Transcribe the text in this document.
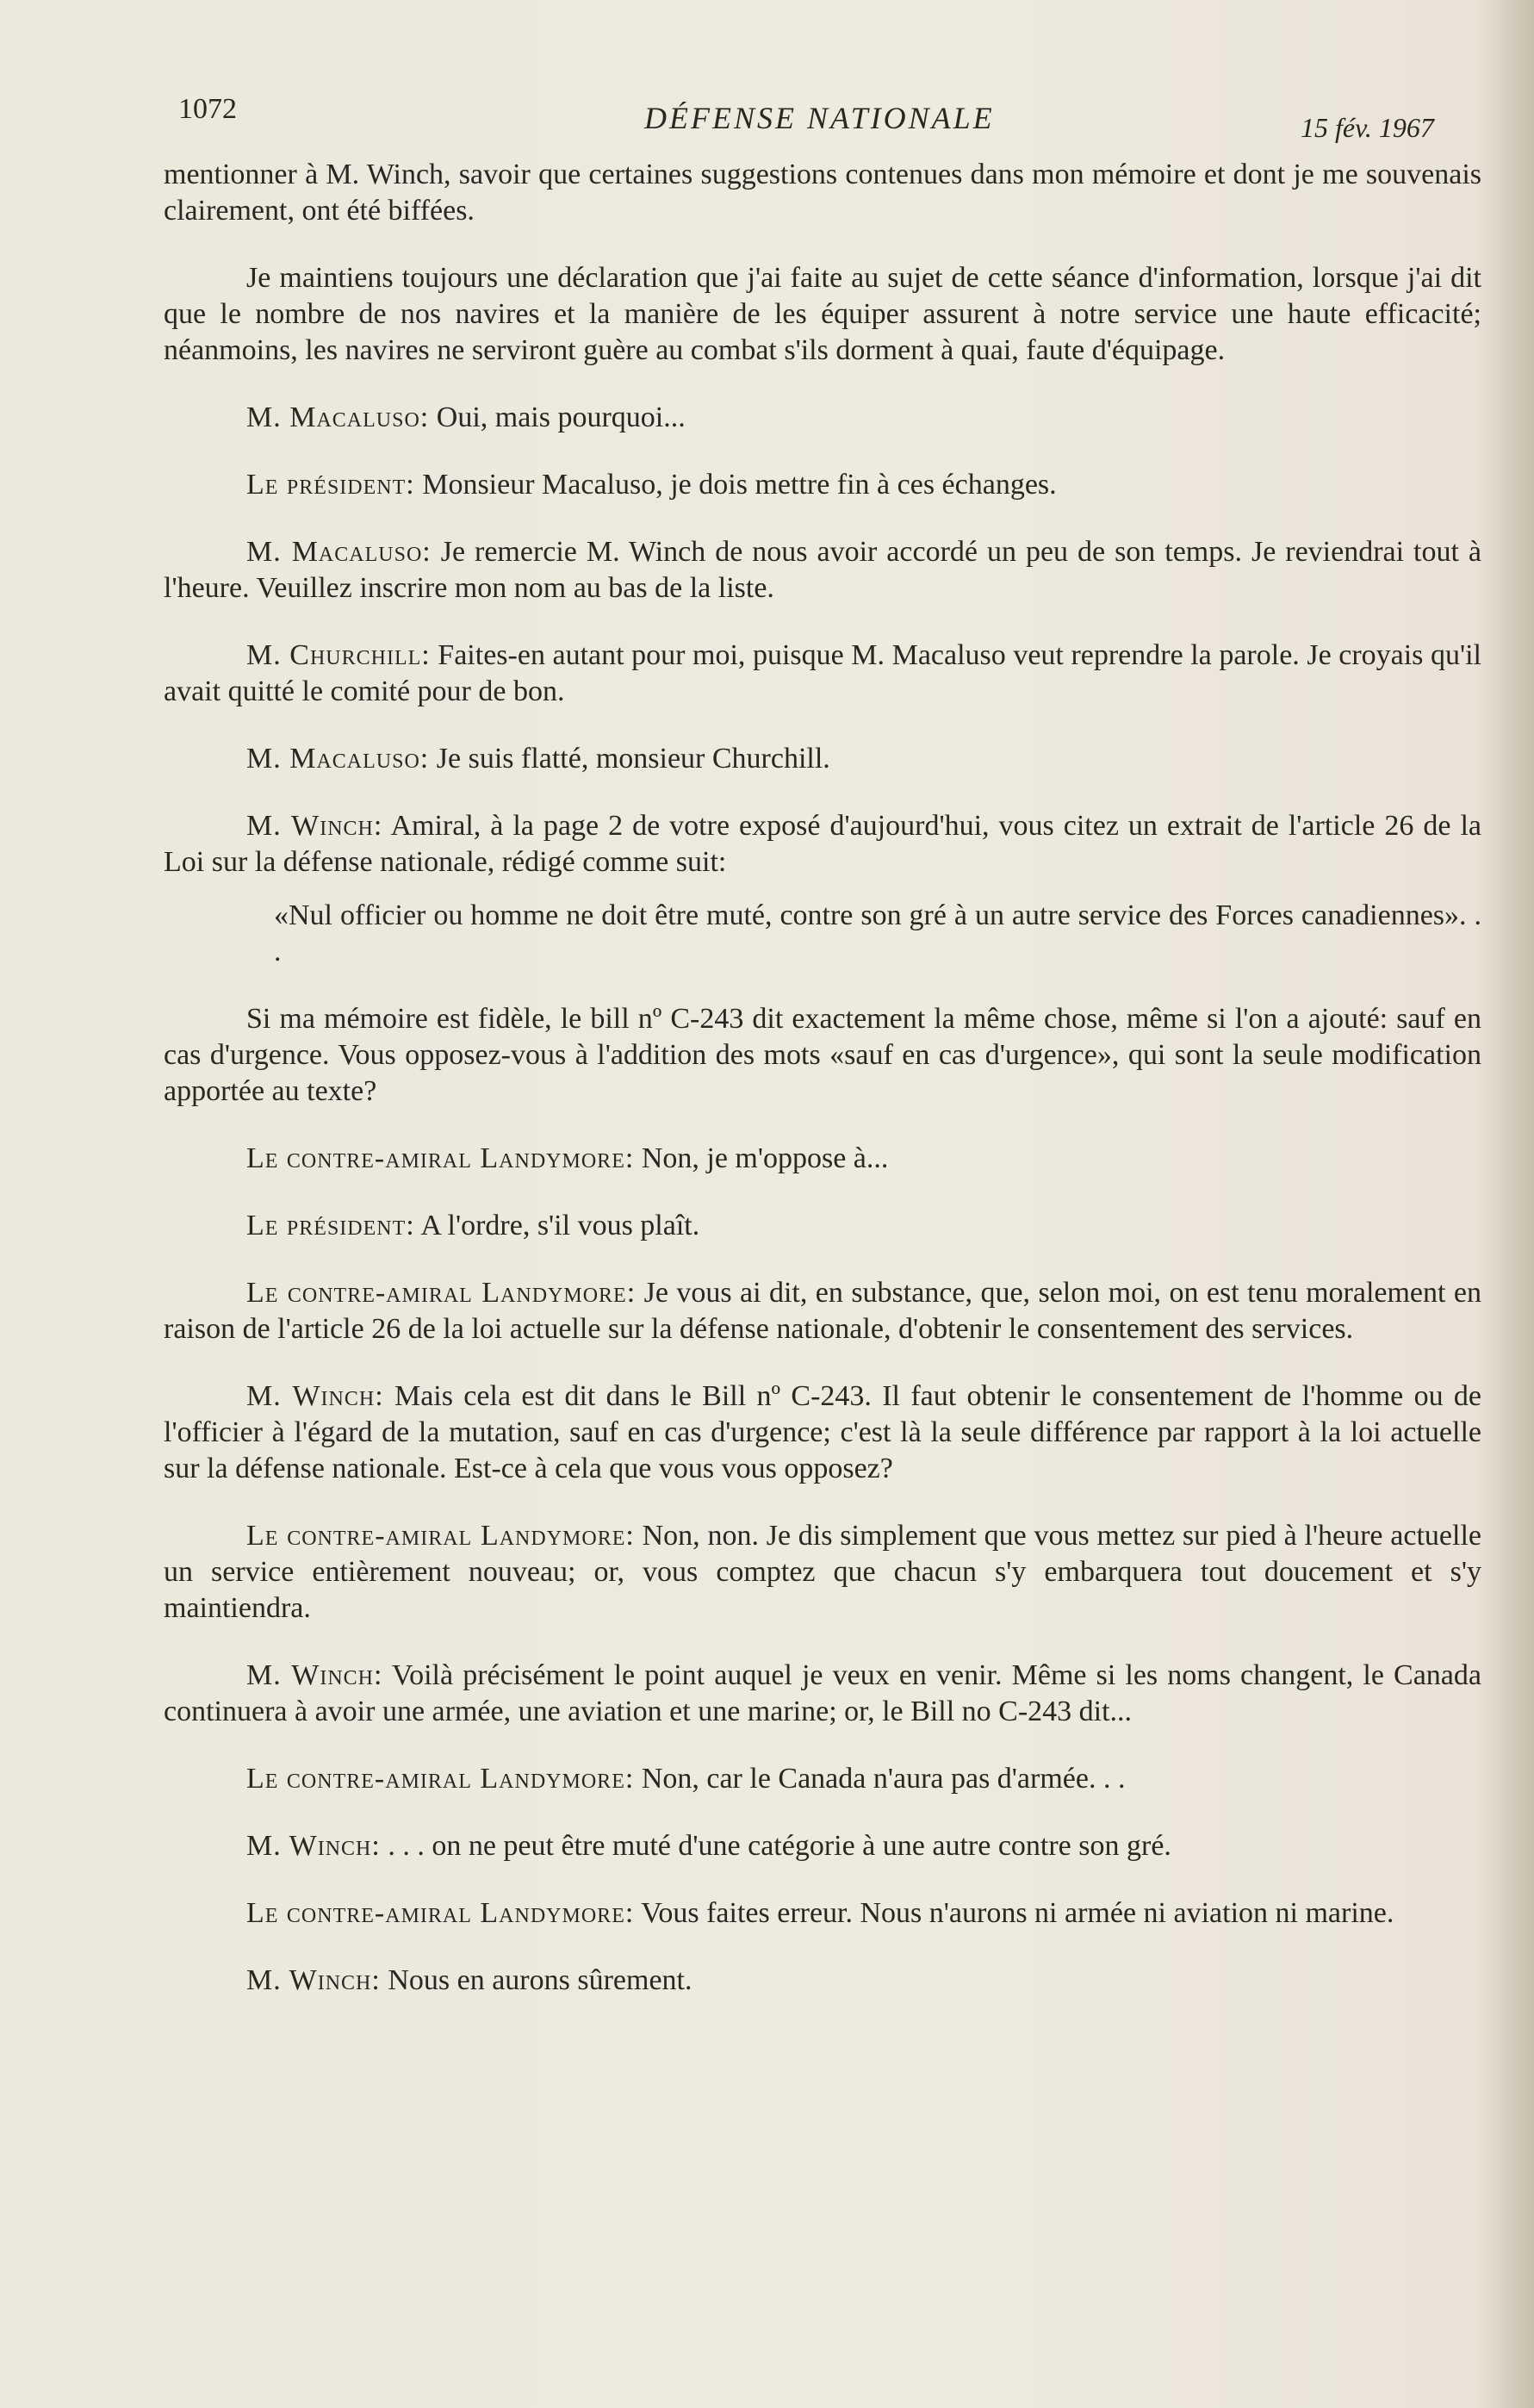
1072	DÉFENSE NATIONALE	15 fév. 1967

mentionner à M. Winch, savoir que certaines suggestions contenues dans mon mémoire et dont je me souvenais clairement, ont été biffées.

Je maintiens toujours une déclaration que j'ai faite au sujet de cette séance d'information, lorsque j'ai dit que le nombre de nos navires et la manière de les équiper assurent à notre service une haute efficacité; néanmoins, les navires ne serviront guère au combat s'ils dorment à quai, faute d'équipage.

M. Macaluso: Oui, mais pourquoi...

Le président: Monsieur Macaluso, je dois mettre fin à ces échanges.

M. Macaluso: Je remercie M. Winch de nous avoir accordé un peu de son temps. Je reviendrai tout à l'heure. Veuillez inscrire mon nom au bas de la liste.

M. Churchill: Faites-en autant pour moi, puisque M. Macaluso veut reprendre la parole. Je croyais qu'il avait quitté le comité pour de bon.

M. Macaluso: Je suis flatté, monsieur Churchill.

M. Winch: Amiral, à la page 2 de votre exposé d'aujourd'hui, vous citez un extrait de l'article 26 de la Loi sur la défense nationale, rédigé comme suit:

«Nul officier ou homme ne doit être muté, contre son gré à un autre service des Forces canadiennes». . .

Si ma mémoire est fidèle, le bill nº C-243 dit exactement la même chose, même si l'on a ajouté: sauf en cas d'urgence. Vous opposez-vous à l'addition des mots «sauf en cas d'urgence», qui sont la seule modification apportée au texte?

Le contre-amiral Landymore: Non, je m'oppose à...

Le président: A l'ordre, s'il vous plaît.

Le contre-amiral Landymore: Je vous ai dit, en substance, que, selon moi, on est tenu moralement en raison de l'article 26 de la loi actuelle sur la défense nationale, d'obtenir le consentement des services.

M. Winch: Mais cela est dit dans le Bill nº C-243. Il faut obtenir le consentement de l'homme ou de l'officier à l'égard de la mutation, sauf en cas d'urgence; c'est là la seule différence par rapport à la loi actuelle sur la défense nationale. Est-ce à cela que vous vous opposez?

Le contre-amiral Landymore: Non, non. Je dis simplement que vous mettez sur pied à l'heure actuelle un service entièrement nouveau; or, vous comptez que chacun s'y embarquera tout doucement et s'y maintiendra.

M. Winch: Voilà précisément le point auquel je veux en venir. Même si les noms changent, le Canada continuera à avoir une armée, une aviation et une marine; or, le Bill no C-243 dit...

Le contre-amiral Landymore: Non, car le Canada n'aura pas d'armée. . .

M. Winch: . . . on ne peut être muté d'une catégorie à une autre contre son gré.

Le contre-amiral Landymore: Vous faites erreur. Nous n'aurons ni armée ni aviation ni marine.

M. Winch: Nous en aurons sûrement.
